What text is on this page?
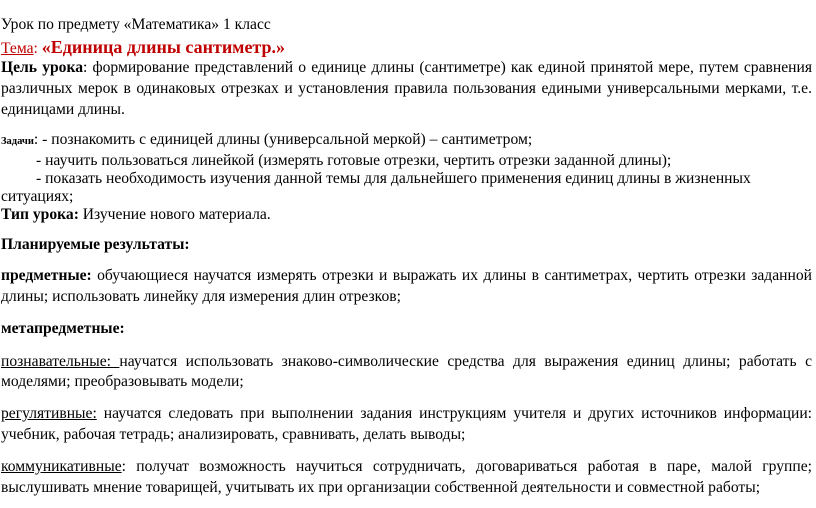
Урок по предмету «Математика» 1 класс
Тема: «Единица длины сантиметр.»
Цель урока: формирование представлений о единице длины (сантиметре) как единой принятой мере, путем сравнения
различных мерок в одинаковых отрезках и установления правила пользования едиными универсальными мерками, т.е.
единицами длины.
Задачи: - познакомить с единицей длины (универсальной меркой) – сантиметром;
- научить пользоваться линейкой (измерять готовые отрезки, чертить отрезки заданной длины);
- показать необходимость изучения данной темы для дальнейшего применения единиц длины в жизненных
ситуациях;
Тип урока: Изучение нового материала.
Планируемые результаты:
предметные: обучающиеся научатся измерять отрезки и выражать их длины в сантиметрах, чертить отрезки заданной
длины; использовать линейку для измерения длин отрезков;
метапредметные:
познавательные: научатся использовать знаково-символические средства для выражения единиц длины; работать с
моделями; преобразовывать модели;
регулятивные: научатся следовать при выполнении задания инструкциям учителя и других источников информации:
учебник, рабочая тетрадь; анализировать, сравнивать, делать выводы;
коммуникативные: получат возможность научиться сотрудничать, договариваться работая в паре, малой группе;
выслушивать мнение товарищей, учитывать их при организации собственной деятельности и совместной работы;
